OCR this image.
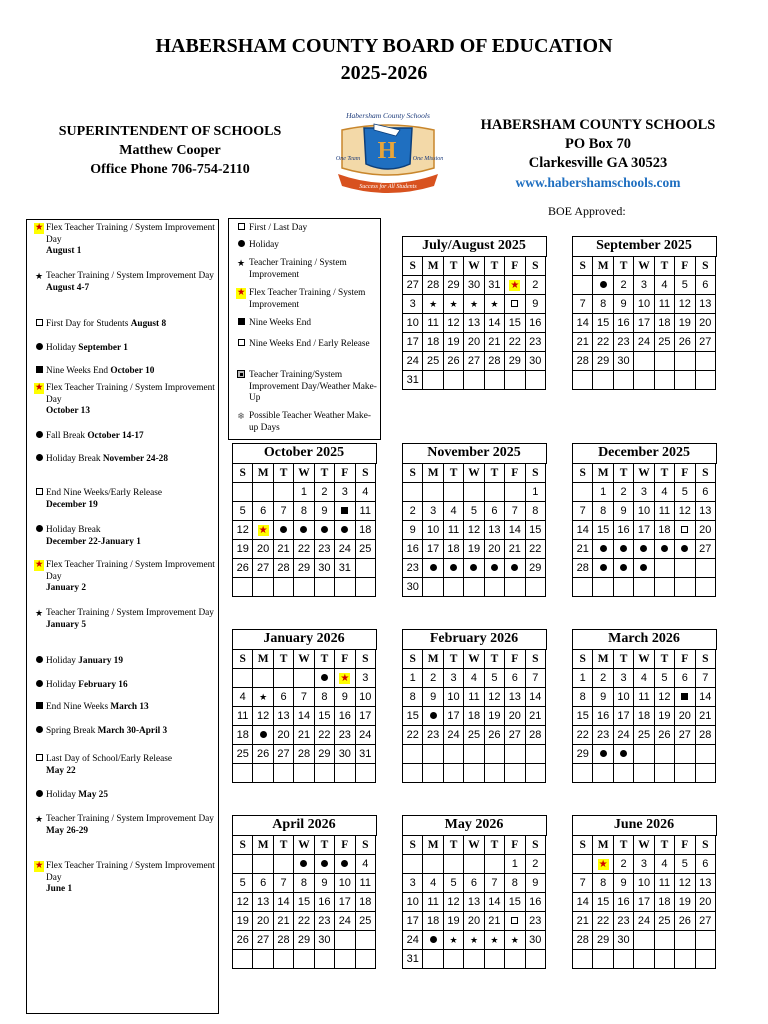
HABERSHAM COUNTY BOARD OF EDUCATION
2025-2026
SUPERINTENDENT OF SCHOOLS
Matthew Cooper
Office Phone 706-754-2110
Habersham County Schools
H
One Team	One Mission
Success for All Students
HABERSHAM COUNTY SCHOOLS
PO Box 70
Clarkesville GA 30523
www.habershamschools.com
BOE Approved:
★ Flex Teacher Training / System Improvement Day
August 1
★ Teacher Training / System Improvement Day
August 4-7
First Day for Students August 8
Holiday September 1
Nine Weeks End October 10
★ Flex Teacher Training / System Improvement Day
October 13
Fall Break October 14-17
Holiday Break November 24-28
End Nine Weeks/Early Release
December 19
Holiday Break
December 22-January 1
★ Flex Teacher Training / System Improvement Day
January 2
★ Teacher Training / System Improvement Day
January 5
Holiday January 19
Holiday February 16
End Nine Weeks March 13
Spring Break March 30-April 3
Last Day of School/Early Release
May 22
Holiday May 25
★ Teacher Training / System Improvement Day
May 26-29
★ Flex Teacher Training / System Improvement Day
June 1
First / Last Day
Holiday
★ Teacher Training / System Improvement
★ Flex Teacher Training / System Improvement
Nine Weeks End
Nine Weeks End / Early Release
Teacher Training/System Improvement Day/Weather Make-Up
❄ Possible Teacher Weather Make-up Days
July/August 2025
S	M	T	W	T	F	S
27	28	29	30	31	★	2
3	★	★	★	★		9
10	11	12	13	14	15	16
17	18	19	20	21	22	23
24	25	26	27	28	29	30
31						
September 2025
S	M	T	W	T	F	S
		2	3	4	5	6
7	8	9	10	11	12	13
14	15	16	17	18	19	20
21	22	23	24	25	26	27
28	29	30				

October 2025
S	M	T	W	T	F	S
			1	2	3	4
5	6	7	8	9		11
12	★					18
19	20	21	22	23	24	25
26	27	28	29	30	31	

November 2025
S	M	T	W	T	F	S
						1
2	3	4	5	6	7	8
9	10	11	12	13	14	15
16	17	18	19	20	21	22
23						29
30						
December 2025
S	M	T	W	T	F	S
	1	2	3	4	5	6
7	8	9	10	11	12	13
14	15	16	17	18		20
21						27
28						

January 2026
S	M	T	W	T	F	S
					★	3
4	★	6	7	8	9	10
11	12	13	14	15	16	17
18		20	21	22	23	24
25	26	27	28	29	30	31

February 2026
S	M	T	W	T	F	S
1	2	3	4	5	6	7
8	9	10	11	12	13	14
15		17	18	19	20	21
22	23	24	25	26	27	28

March 2026
S	M	T	W	T	F	S
1	2	3	4	5	6	7
8	9	10	11	12		14
15	16	17	18	19	20	21
22	23	24	25	26	27	28
29						

April 2026
S	M	T	W	T	F	S
						4
5	6	7	8	9	10	11
12	13	14	15	16	17	18
19	20	21	22	23	24	25
26	27	28	29	30		

May 2026
S	M	T	W	T	F	S
					1	2
3	4	5	6	7	8	9
10	11	12	13	14	15	16
17	18	19	20	21		23
24		★	★	★	★	30
31						
June 2026
S	M	T	W	T	F	S
	★	2	3	4	5	6
7	8	9	10	11	12	13
14	15	16	17	18	19	20
21	22	23	24	25	26	27
28	29	30				
